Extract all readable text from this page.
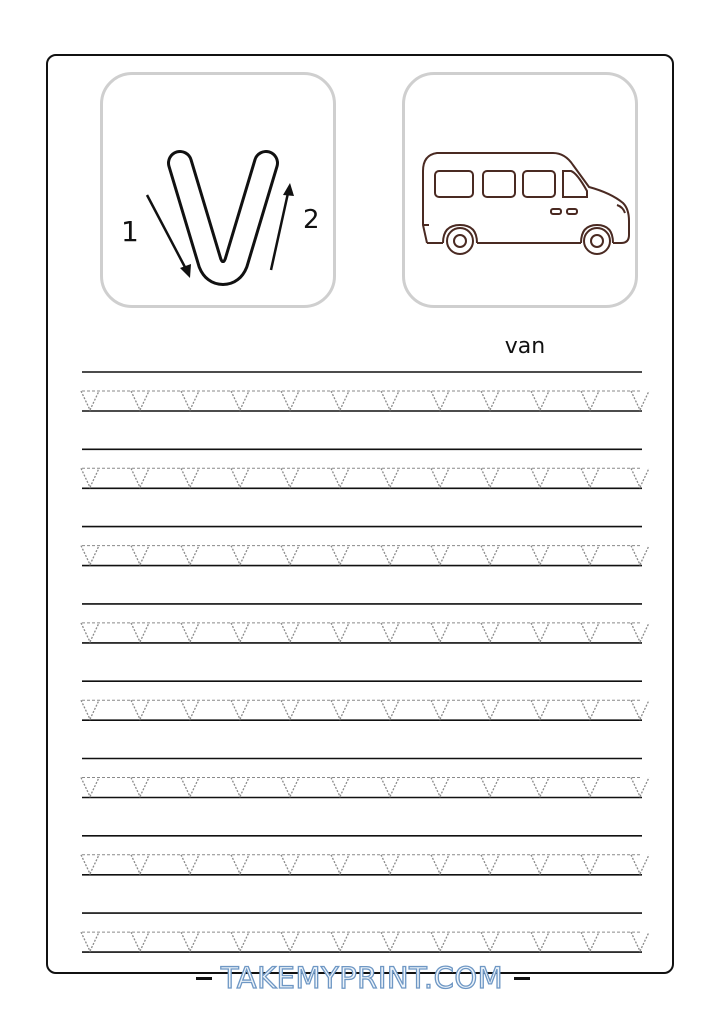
1	2
van
TAKEMYPRINT.COM
